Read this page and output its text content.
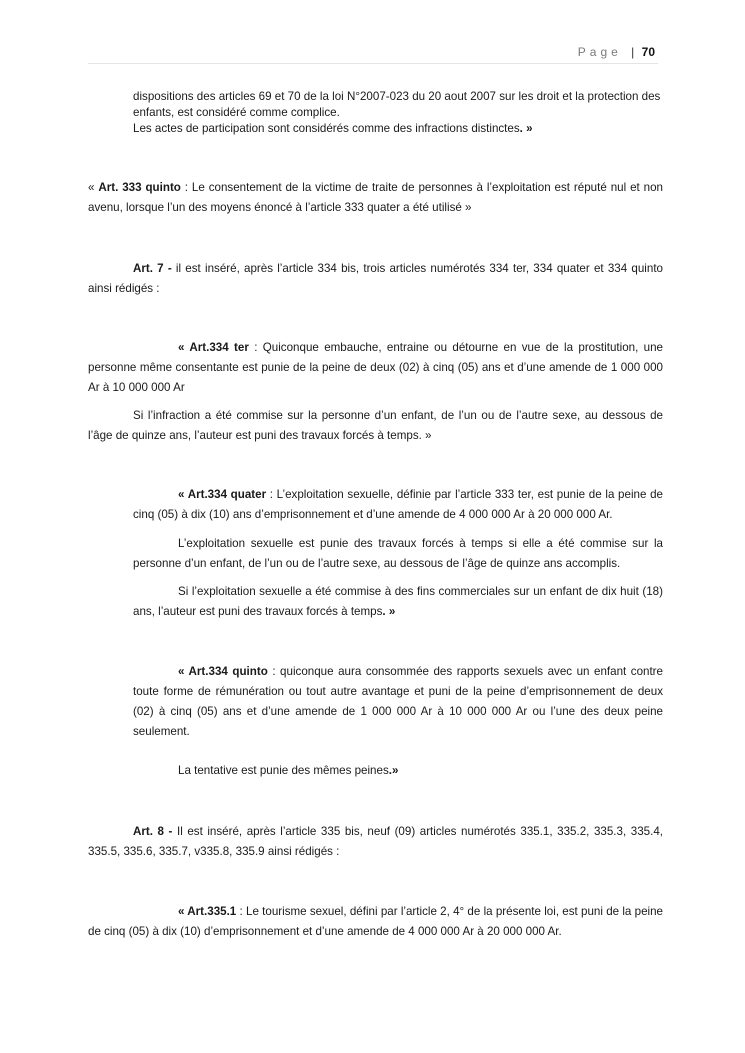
Page | 70

dispositions des articles 69 et 70 de la loi N°2007-023 du 20 aout 2007 sur les droit et la protection des
enfants, est considéré comme complice.
Les actes de participation sont considérés comme des infractions distinctes. »

« Art. 333 quinto : Le consentement de la victime de traite de personnes à l’exploitation est réputé nul et non avenu, lorsque l’un des moyens énoncé à l’article 333 quater a été utilisé »

Art. 7 - il est inséré, après l’article 334 bis, trois articles numérotés 334 ter, 334 quater et 334 quinto ainsi rédigés :

« Art.334 ter : Quiconque embauche, entraine ou détourne en vue de la prostitution, une personne même consentante est punie de la peine de deux (02) à cinq (05) ans et d’une amende de 1 000 000 Ar à 10 000 000 Ar

Si l’infraction a été commise sur la personne d’un enfant, de l’un ou de l’autre sexe, au dessous de l’âge de quinze ans, l’auteur est puni des travaux forcés à temps. »

« Art.334 quater : L’exploitation sexuelle, définie par l’article 333 ter, est punie de la peine de cinq (05) à dix (10) ans d’emprisonnement et d’une amende de 4 000 000 Ar à 20 000 000 Ar.

L’exploitation sexuelle est punie des travaux forcés à temps si elle a été commise sur la personne d’un enfant, de l’un ou de l’autre sexe, au dessous de l’âge de quinze ans accomplis.

Si l’exploitation sexuelle a été commise à des fins commerciales sur un enfant de dix huit (18) ans, l’auteur est puni des travaux forcés à temps. »

« Art.334 quinto : quiconque aura consommée des rapports sexuels avec un enfant contre toute forme de rémunération ou tout autre avantage et puni de la peine d’emprisonnement de deux (02) à cinq (05) ans et d’une amende de 1 000 000 Ar à 10 000 000 Ar ou l’une des deux peine seulement.

La tentative est punie des mêmes peines.»

Art. 8 - Il est inséré, après l’article 335 bis, neuf (09) articles numérotés 335.1, 335.2, 335.3, 335.4, 335.5, 335.6, 335.7, v335.8, 335.9 ainsi rédigés :

« Art.335.1 : Le tourisme sexuel, défini par l’article 2, 4° de la présente loi, est puni de la peine de cinq (05) à dix (10) d’emprisonnement et d’une amende de 4 000 000 Ar à 20 000 000 Ar.
